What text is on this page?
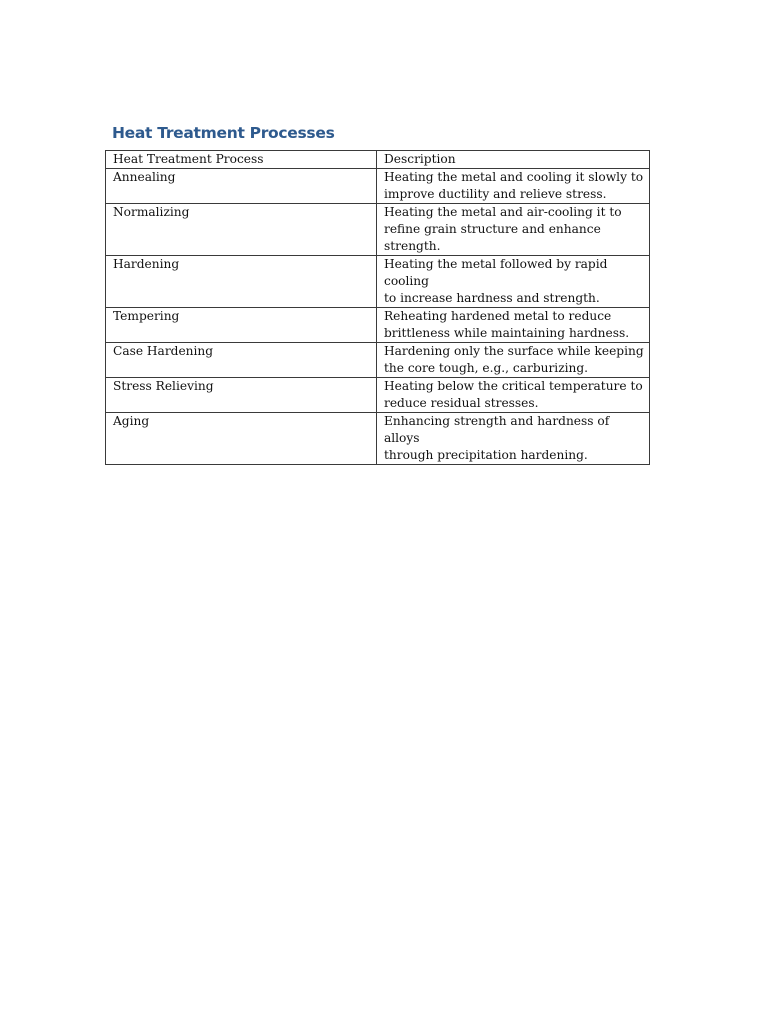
Heat Treatment Processes
Heat Treatment Process	Description
Annealing	Heating the metal and cooling it slowly to
improve ductility and relieve stress.
Normalizing	Heating the metal and air-cooling it to
refine grain structure and enhance
strength.
Hardening	Heating the metal followed by rapid cooling
to increase hardness and strength.
Tempering	Reheating hardened metal to reduce
brittleness while maintaining hardness.
Case Hardening	Hardening only the surface while keeping
the core tough, e.g., carburizing.
Stress Relieving	Heating below the critical temperature to
reduce residual stresses.
Aging	Enhancing strength and hardness of alloys
through precipitation hardening.
